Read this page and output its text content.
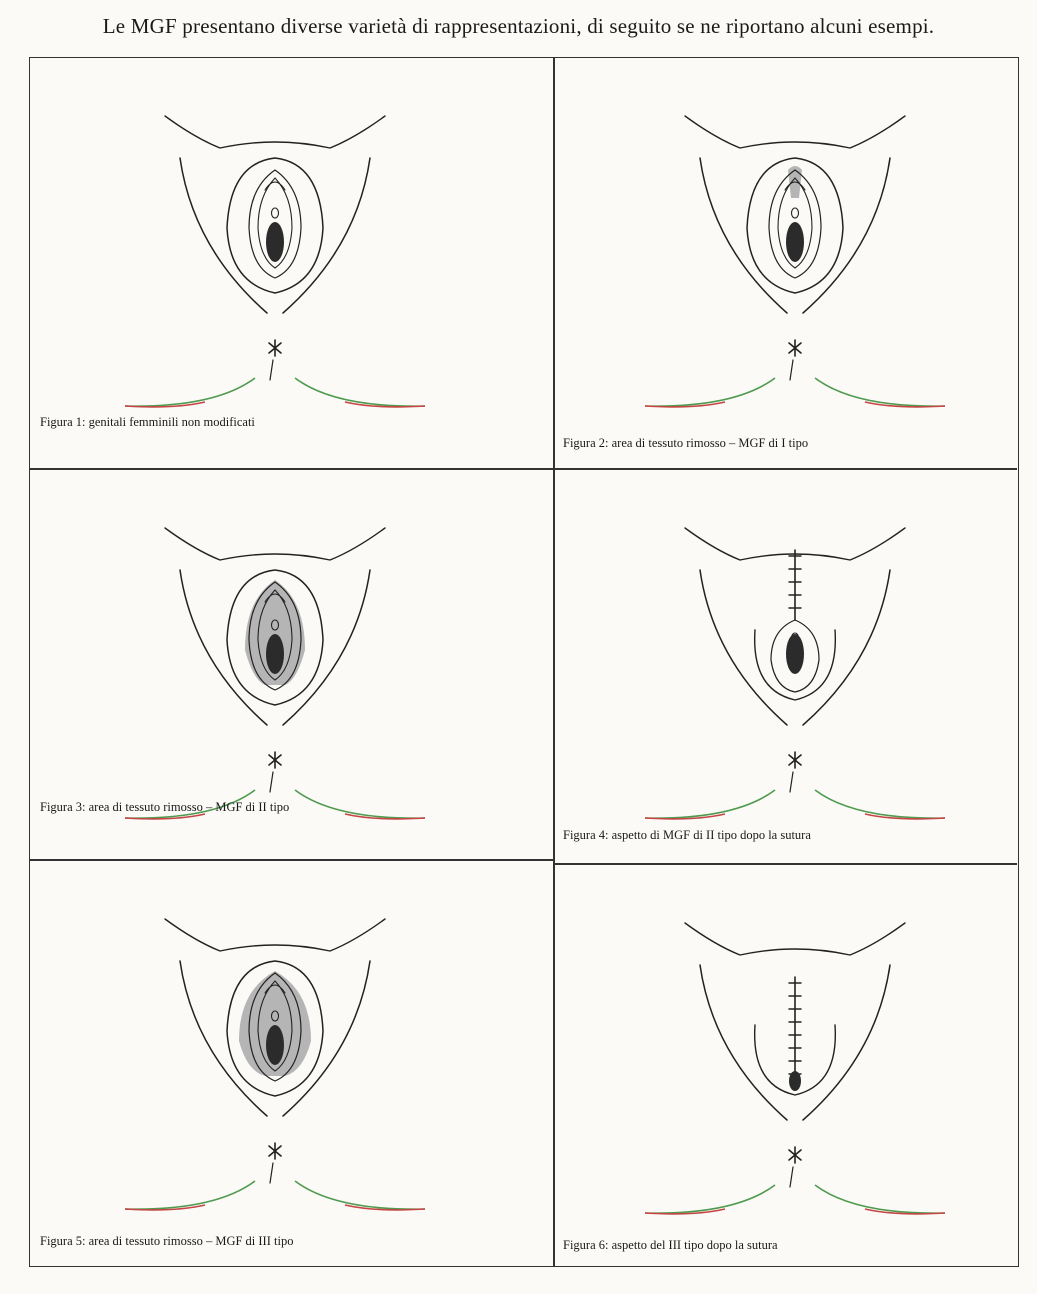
Le MGF presentano diverse varietà di rappresentazioni, di seguito se ne riportano alcuni esempi.

Figura 1: genitali femminili non modificati
Figura 2: area di tessuto rimosso – MGF di I tipo
Figura 3: area di tessuto rimosso – MGF di II tipo
Figura 4: aspetto di MGF di II tipo dopo la sutura
Figura 5: area di tessuto rimosso – MGF di III tipo	Figura 6: aspetto del III tipo dopo la sutura
